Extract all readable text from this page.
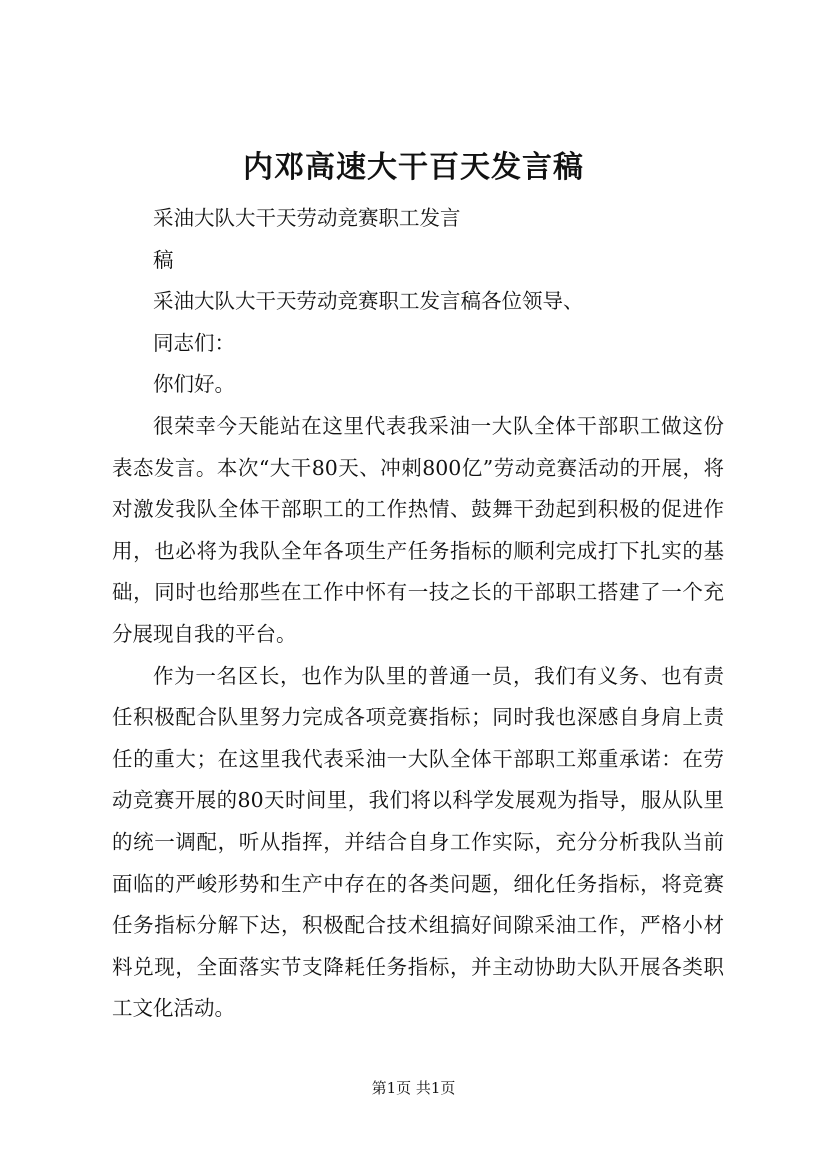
内邓高速大干百天发言稿

采油大队大干天劳动竞赛职工发言

稿

采油大队大干天劳动竞赛职工发言稿各位领导、

同志们：

你们好。

很荣幸今天能站在这里代表我采油一大队全体干部职工做这份表态发言。本次“大干80天、冲刺800亿”劳动竞赛活动的开展，将对激发我队全体干部职工的工作热情、鼓舞干劲起到积极的促进作用，也必将为我队全年各项生产任务指标的顺利完成打下扎实的基础，同时也给那些在工作中怀有一技之长的干部职工搭建了一个充分展现自我的平台。

作为一名区长，也作为队里的普通一员，我们有义务、也有责任积极配合队里努力完成各项竞赛指标；同时我也深感自身肩上责任的重大；在这里我代表采油一大队全体干部职工郑重承诺：在劳动竞赛开展的80天时间里，我们将以科学发展观为指导，服从队里的统一调配，听从指挥，并结合自身工作实际，充分分析我队当前面临的严峻形势和生产中存在的各类问题，细化任务指标，将竞赛任务指标分解下达，积极配合技术组搞好间隙采油工作，严格小材料兑现，全面落实节支降耗任务指标，并主动协助大队开展各类职工文化活动。

第1页 共1页
